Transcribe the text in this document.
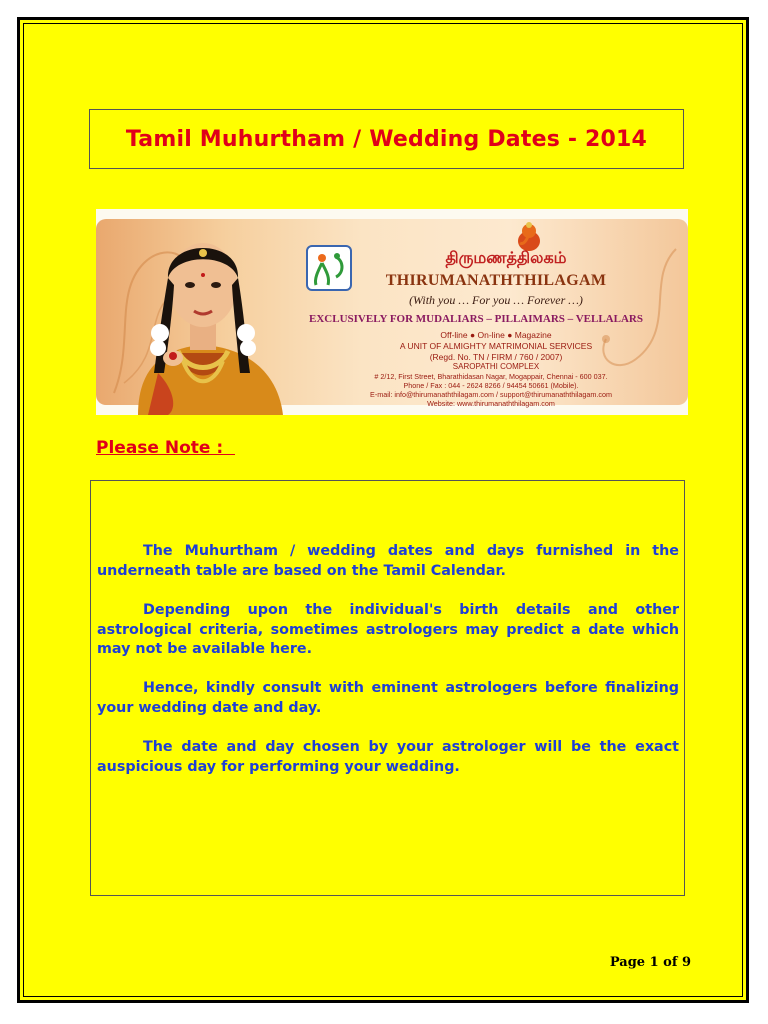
Tamil Muhurtham / Wedding Dates - 2014
திருமணத்திலகம்
THIRUMANATHTHILAGAM
(With you … For you … Forever …)
EXCLUSIVELY FOR MUDALIARS – PILLAIMARS – VELLALARS
Off-line ● On-line ● Magazine
A UNIT OF ALMIGHTY MATRIMONIAL SERVICES
(Regd. No. TN / FIRM / 760 / 2007)
SAROPATHI COMPLEX
# 2/12, First Street, Bharathidasan Nagar, Mogappair, Chennai - 600 037.
Phone / Fax : 044 - 2624 8266 / 94454 50661 (Mobile).
E-mail: info@thirumanaththilagam.com / support@thirumanaththilagam.com
Website: www.thirumanaththilagam.com
Please Note :
The Muhurtham / wedding dates and days furnished in the underneath table are based on the Tamil Calendar.
Depending upon the individual's birth details and other astrological criteria, sometimes astrologers may predict a date which may not be available here.
Hence, kindly consult with eminent astrologers before finalizing your wedding date and day.
The date and day chosen by your astrologer will be the exact auspicious day for performing your wedding.
Page 1 of 9
